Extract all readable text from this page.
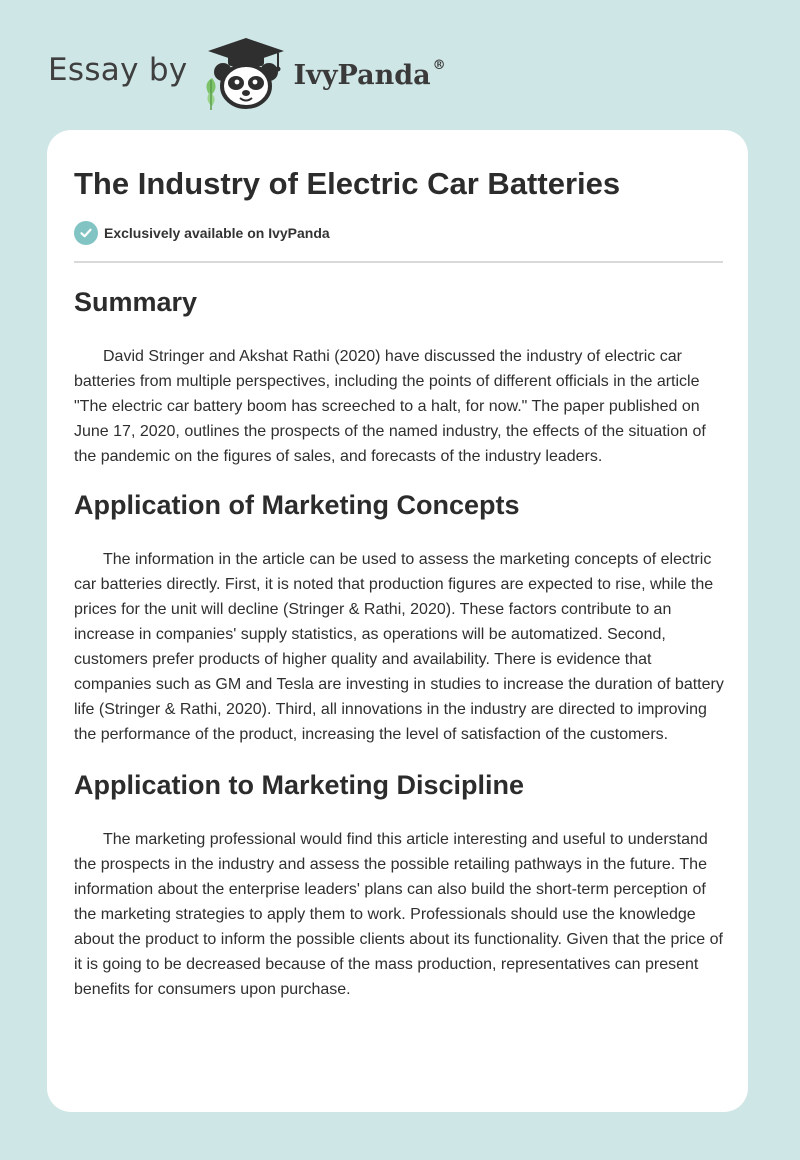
Essay by	IvyPanda ®
The Industry of Electric Car Batteries
Exclusively available on IvyPanda
Summary

David Stringer and Akshat Rathi (2020) have discussed the industry of electric car batteries from multiple perspectives, including the points of different officials in the article "The electric car battery boom has screeched to a halt, for now." The paper published on June 17, 2020, outlines the prospects of the named industry, the effects of the situation of the pandemic on the figures of sales, and forecasts of the industry leaders.

Application of Marketing Concepts

The information in the article can be used to assess the marketing concepts of electric car batteries directly. First, it is noted that production figures are expected to rise, while the prices for the unit will decline (Stringer & Rathi, 2020). These factors contribute to an increase in companies' supply statistics, as operations will be automatized. Second, customers prefer products of higher quality and availability. There is evidence that companies such as GM and Tesla are investing in studies to increase the duration of battery life (Stringer & Rathi, 2020). Third, all innovations in the industry are directed to improving the performance of the product, increasing the level of satisfaction of the customers.

Application to Marketing Discipline

The marketing professional would find this article interesting and useful to understand the prospects in the industry and assess the possible retailing pathways in the future. The information about the enterprise leaders' plans can also build the short-term perception of the marketing strategies to apply them to work. Professionals should use the knowledge about the product to inform the possible clients about its functionality. Given that the price of it is going to be decreased because of the mass production, representatives can present benefits for consumers upon purchase.
